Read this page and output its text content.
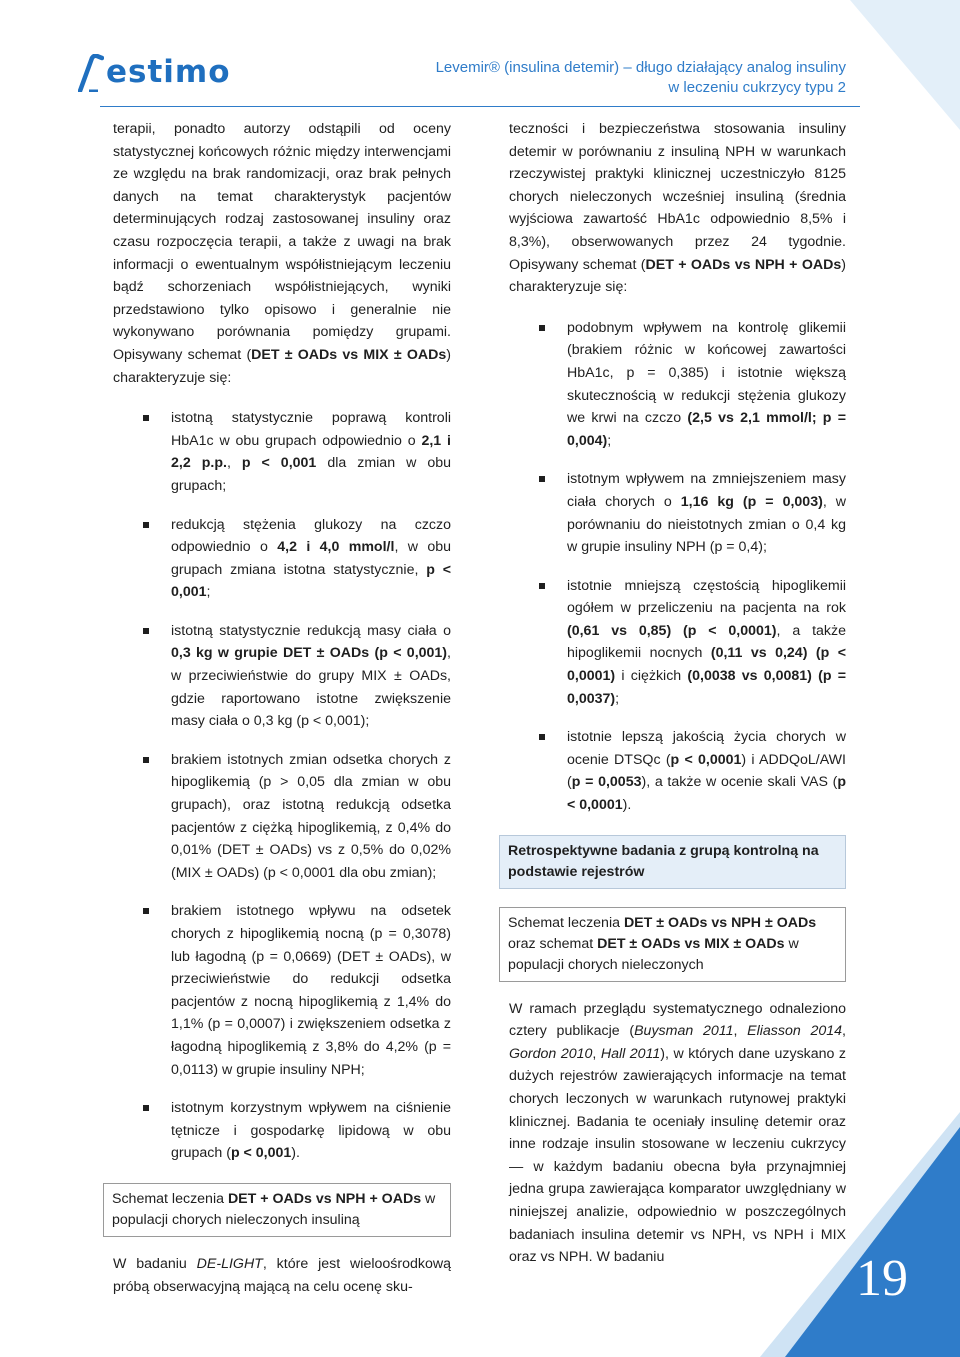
19
estimo	Levemir® (insulina detemir) – długo działający analog insuliny
w leczeniu cukrzycy typu 2

terapii, ponadto autorzy odstąpili od oceny statystycznej końcowych różnic między interwencjami ze względu na brak randomizacji, oraz brak pełnych danych na temat charakterystyk pacjentów determinujących rodzaj zastosowanej insuliny oraz czasu rozpoczęcia terapii, a także z uwagi na brak informacji o ewentualnym współistniejącym leczeniu bądź schorzeniach współistniejących, wyniki przedstawiono tylko opisowo i generalnie nie wykonywano porównania pomiędzy grupami. Opisywany schemat (DET ± OADs vs MIX ± OADs) charakteryzuje się:

istotną statystycznie poprawą kontroli HbA1c w obu grupach odpowiednio o 2,1 i 2,2 p.p., p < 0,001 dla zmian w obu grupach;
redukcją stężenia glukozy na czczo odpowiednio o 4,2 i 4,0 mmol/l, w obu grupach zmiana istotna statystycznie, p < 0,001;
istotną statystycznie redukcją masy ciała o 0,3 kg w grupie DET ± OADs (p < 0,001), w przeciwieństwie do grupy MIX ± OADs, gdzie raportowano istotne zwiększenie masy ciała o 0,3 kg (p < 0,001);
brakiem istotnych zmian odsetka chorych z hipoglikemią (p > 0,05 dla zmian w obu grupach), oraz istotną redukcją odsetka pacjentów z ciężką hipoglikemią, z 0,4% do 0,01% (DET ± OADs) vs z 0,5% do 0,02% (MIX ± OADs) (p < 0,0001 dla obu zmian);
brakiem istotnego wpływu na odsetek chorych z hipoglikemią nocną (p = 0,3078) lub łagodną (p = 0,0669) (DET ± OADs), w przeciwieństwie do redukcji odsetka pacjentów z nocną hipoglikemią z 1,4% do 1,1% (p = 0,0007) i zwiększeniem odsetka z łagodną hipoglikemią z 3,8% do 4,2% (p = 0,0113) w grupie insuliny NPH;
istotnym korzystnym wpływem na ciśnienie tętnicze i gospodarkę lipidową w obu grupach (p < 0,001).
Schemat leczenia DET + OADs vs NPH + OADs w populacji chorych nieleczonych insuliną

W badaniu DE-LIGHT, które jest wieloośrodkową próbą obserwacyjną mającą na celu ocenę sku-

teczności i bezpieczeństwa stosowania insuliny detemir w porównaniu z insuliną NPH w warunkach rzeczywistej praktyki klinicznej uczestniczyło 8125 chorych nieleczonych wcześniej insuliną (średnia wyjściowa zawartość HbA1c odpowiednio 8,5% i 8,3%), obserwowanych przez 24 tygodnie. Opisywany schemat (DET + OADs vs NPH + OADs) charakteryzuje się:

podobnym wpływem na kontrolę glikemii (brakiem różnic w końcowej zawartości HbA1c, p = 0,385) i istotnie większą skutecznością w redukcji stężenia glukozy we krwi na czczo (2,5 vs 2,1 mmol/l; p = 0,004);
istotnym wpływem na zmniejszeniem masy ciała chorych o 1,16 kg (p = 0,003), w porównaniu do nieistotnych zmian o 0,4 kg w grupie insuliny NPH (p = 0,4);
istotnie mniejszą częstością hipoglikemii ogółem w przeliczeniu na pacjenta na rok (0,61 vs 0,85) (p < 0,0001), a także hipoglikemii nocnych (0,11 vs 0,24) (p < 0,0001) i ciężkich (0,0038 vs 0,0081) (p = 0,0037);
istotnie lepszą jakością życia chorych w ocenie DTSQc (p < 0,0001) i ADDQoL/AWI (p = 0,0053), a także w ocenie skali VAS (p < 0,0001).
Retrospektywne badania z grupą kontrolną na podstawie rejestrów
Schemat leczenia DET ± OADs vs NPH ± OADs oraz schemat DET ± OADs vs MIX ± OADs w populacji chorych nieleczonych

W ramach przeglądu systematycznego odnaleziono cztery publikacje (Buysman 2011, Eliasson 2014, Gordon 2010, Hall 2011), w których dane uzyskano z dużych rejestrów zawierających informacje na temat chorych leczonych w warunkach rutynowej praktyki klinicznej. Badania te oceniały insulinę detemir oraz inne rodzaje insulin stosowane w leczeniu cukrzycy — w każdym badaniu obecna była przynajmniej jedna grupa zawierająca komparator uwzględniany w niniejszej analizie, odpowiednio w poszczególnych badaniach insulina detemir vs NPH, vs NPH i MIX oraz vs NPH. W badaniu
